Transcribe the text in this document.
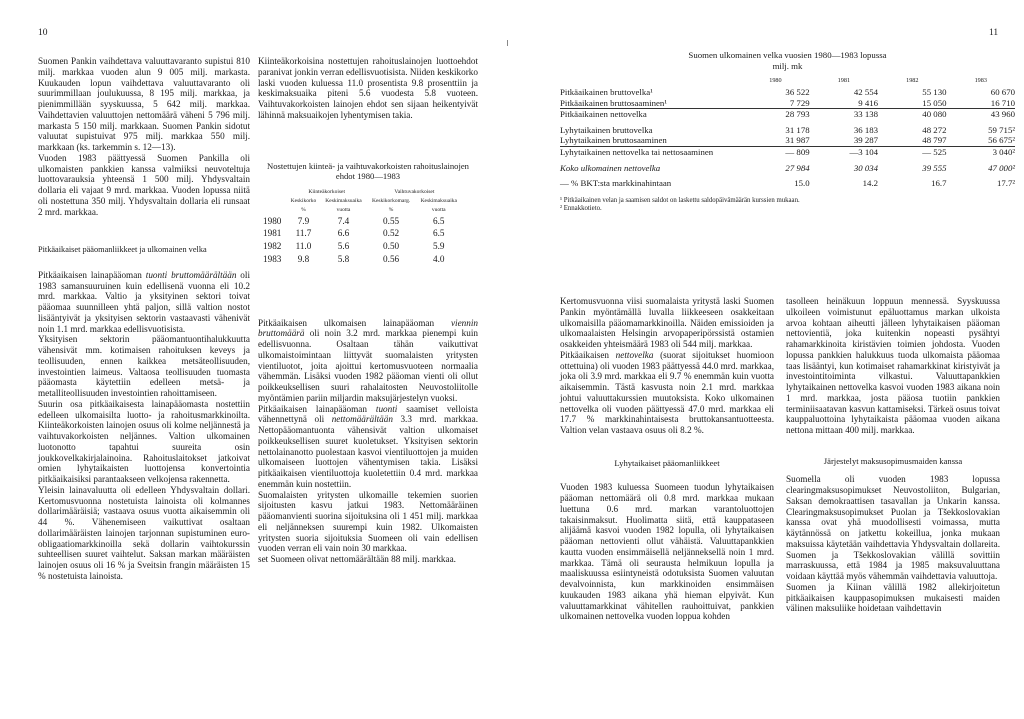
10

Suomen Pankin vaihdettava valuuttavaranto supistui 810 milj. markkaa vuoden alun 9 005 milj. markasta. Kuukauden lopun vaihdettava valuuttavaranto oli suurimmillaan joulukuussa, 8 195 milj. markkaa, ja pienimmillään syyskuussa, 5 642 milj. markkaa. Vaihdettavien valuuttojen nettomäärä väheni 5 796 milj. markasta 5 150 milj. markkaan. Suomen Pankin sidotut valuutat supistuivat 975 milj. markkaa 550 milj. markkaan (ks. tarkemmin s. 12—13).

Vuoden 1983 päättyessä Suomen Pankilla oli ulkomaisten pankkien kanssa valmiiksi neuvoteltuja luottovarauksia yhteensä 1 500 milj. Yhdysvaltain dollaria eli vajaat 9 mrd. markkaa. Vuoden lopussa niitä oli nostettuna 350 milj. Yhdysvaltain dollaria eli runsaat 2 mrd. markkaa.

Pitkäaikaiset pääomanliikkeet ja ulkomainen velka

Pitkäaikaisen lainapääoman tuonti bruttomäärältään oli 1983 samansuuruinen kuin edellisenä vuonna eli 10.2 mrd. markkaa. Valtio ja yksityinen sektori toivat pääomaa suunnilleen yhtä paljon, sillä valtion nostot lisääntyivät ja yksityisen sektorin vastaavasti vähenivät noin 1.1 mrd. markkaa edellisvuotisista.

Yksityisen sektorin pääomantuontihalukkuutta vähensivät mm. kotimaisen rahoituksen keveys ja teollisuuden, ennen kaikkea metsäteollisuuden, investointien laimeus. Valtaosa teollisuuden tuomasta pääomasta käytettiin edelleen metsä- ja metalliteollisuuden investointien rahoittamiseen.

Suurin osa pitkäaikaisesta lainapääomasta nostettiin edelleen ulkomaisilta luotto- ja rahoitusmarkkinoilta. Kiinteäkorkoisten lainojen osuus oli kolme neljännestä ja vaihtuvakorkoisten neljännes. Valtion ulkomainen luotonotto tapahtui suureita osin joukkovelkakirjalainoina. Rahoituslaitokset jatkoivat omien lyhytaikaisten luottojensa konvertointia pitkäaikaisiksi parantaakseen velkojensa rakennetta.

Yleisin lainavaluutta oli edelleen Yhdysvaltain dollari. Kertomusvuonna nostetuista lainoista oli kolmannes dollarimääräisiä; vastaava osuus vuotta aikaisemmin oli 44 %. Vähenemiseen vaikuttivat osaltaan dollarimääräisten lainojen tarjonnan supistuminen euro-obligaatiomarkkinoilla sekä dollarin vaihtokurssin suhteellisen suuret vaihtelut. Saksan markan määräisten lainojen osuus oli 16 % ja Sveitsin frangin määräisten 15 % nostetuista lainoista.

Kiinteäkorkoisina nostettujen rahoituslainojen luottoehdot paranivat jonkin verran edellisvuotisista. Niiden keskikorko laski vuoden kuluessa 11.0 prosentista 9.8 prosenttiin ja keskimaksuaika piteni 5.6 vuodesta 5.8 vuoteen. Vaihtuvakorkoisten lainojen ehdot sen sijaan heikentyivät lähinnä maksuaikojen lyhentymisen takia.

Nostettujen kiinteä- ja vaihtuvakorkoisten rahoituslainojen ehdot 1980—1983

	Kiinteäkorkoiset		Vaihtuvakorkoiset	
	Keskikorko	Keskimaksuaika	Keskikorkomarg.	Keskimaksuaika
	%	vuotta	%	vuotta
1980	7.9	7.4	0.55	6.5
1981	11.7	6.6	0.52	6.5
1982	11.0	5.6	0.50	5.9
1983	9.8	5.8	0.56	4.0

Pitkäaikaisen ulkomaisen lainapääoman viennin bruttomäärä oli noin 3.2 mrd. markkaa pienempi kuin edellisvuonna. Osaltaan tähän vaikuttivat ulkomaistoimintaan liittyvät suomalaisten yritysten vientiluotot, joita ajoittui kertomusvuoteen normaalia vähemmän. Lisäksi vuoden 1982 pääoman vienti oli ollut poikkeuksellisen suuri rahalaitosten Neuvostoliitolle myöntämien pariin miljardin maksujärjestelyn vuoksi.

Pitkäaikaisen lainapääoman tuonti saamiset velloista vähennettynä oli nettomäärältään 3.3 mrd. markkaa. Nettopääomantuonta vähensivät valtion ulkomaiset poikkeuksellisen suuret kuoletukset. Yksityisen sektorin nettolainanotto puolestaan kasvoi vientiluottojen ja muiden ulkomaiseen luottojen vähentymisen takia. Lisäksi pitkäaikaisen vientiluottoja kuoletettiin 0.4 mrd. markkaa enemmän kuin nostettiin.

Suomalaisten yritysten ulkomaille tekemien suorien sijoitusten kasvu jatkui 1983. Nettomääräinen pääomanvienti suorina sijoituksina oli 1 451 milj. markkaa eli neljänneksen suurempi kuin 1982. Ulkomaisten yritysten suoria sijoituksia Suomeen oli vain edellisen vuoden verran eli vain noin 30 markkaa.

set Suomeen olivat nettomäärältään 88 milj. markkaa.

11
Suomen ulkomainen velka vuosien 1980—1983 lopussa
milj. mk
	1980	1981	1982	1983
Pitkäaikainen bruttovelka¹	36 522	42 554	55 130	60 670
Pitkäaikainen bruttosaaminen¹	7 729	9 416	15 050	16 710
Pitkäaikainen nettovelka	28 793	33 138	40 080	43 960

Lyhytaikainen bruttovelka	31 178	36 183	48 272	59 715²
Lyhytaikainen bruttosaaminen	31 987	39 287	48 797	56 675²
Lyhytaikainen nettovelka tai nettosaaminen	— 809	—3 104	— 525	3 040²

Koko ulkomainen nettovelka	27 984	30 034	39 555	47 000²

— % BKT:sta markkinahintaan	15.0	14.2	16.7	17.7²
¹ Pitkäaikainen velan ja saamisen saldot on laskettu saldopäivämäärän kurssien mukaan.
² Ennakkotieto.

Kertomusvuonna viisi suomalaista yritystä laski Suomen Pankin myöntämällä luvalla liikkeeseen osakkeitaan ulkomaisilla pääomamarkkinoilla. Näiden emissioiden ja ulkomaalaisten Helsingin arvopaperipörssistä ostamien osakkeiden yhteismäärä 1983 oli 544 milj. markkaa.

Pitkäaikaisen nettovelka (suorat sijoitukset huomioon ottettuina) oli vuoden 1983 päättyessä 44.0 mrd. markkaa, joka oli 3.9 mrd. markkaa eli 9.7 % enemmän kuin vuotta aikaisemmin. Tästä kasvusta noin 2.1 mrd. markkaa johtui valuuttakurssien muutoksista. Koko ulkomainen nettovelka oli vuoden päättyessä 47.0 mrd. markkaa eli 17.7 % markkinahintaisesta bruttokansantuotteesta. Valtion velan vastaava osuus oli 8.2 %.

Lyhytaikaiset pääomanliikkeet

Vuoden 1983 kuluessa Suomeen tuodun lyhytaikaisen pääoman nettomäärä oli 0.8 mrd. markkaa mukaan luettuna 0.6 mrd. markan varantoluottojen takaisinmaksut. Huolimatta siitä, että kauppataseen alijäämä kasvoi vuoden 1982 lopulla, oli lyhytaikaisen pääoman nettovienti ollut vähäistä. Valuuttapankkien kautta vuoden ensimmäisellä neljänneksellä noin 1 mrd. markkaa. Tämä oli seurausta helmikuun lopulla ja maaliskuussa esiintyneistä odotuksista Suomen valuutan devalvoinnista, kun markkinoiden ensimmäisen kuukauden 1983 aikana yhä hieman elpyivät. Kun valuuttamarkkinat vähitellen rauhoittuivat, pankkien ulkomainen nettovelka vuoden loppua kohden

tasolleen heinäkuun loppuun mennessä. Syyskuussa ulkoileen voimistunut epäluottamus markan ulkoista arvoa kohtaan aiheutti jälleen lyhytaikaisen pääoman nettovientiä, joka kuitenkin nopeasti pysähtyi rahamarkkinoita kiristävien toimien johdosta. Vuoden lopussa pankkien halukkuus tuoda ulkomaista pääomaa taas lisääntyi, kun kotimaiset rahamarkkinat kiristyivät ja investointitoiminta vilkastui. Valuuttapankkien lyhytaikainen nettovelka kasvoi vuoden 1983 aikana noin 1 mrd. markkaa, josta pääosa tuotiin pankkien terminiisaatavan kasvun kattamiseksi. Tärkeä osuus toivat kauppaluottoina lyhytaikaista pääomaa vuoden aikana nettona mittaan 400 milj. markkaa.

Järjestelyt maksusopimusmaiden kanssa

Suomella oli vuoden 1983 lopussa clearingmaksusopimukset Neuvostoliiton, Bulgarian, Saksan demokraattisen tasavallan ja Unkarin kanssa. Clearingmaksusopimukset Puolan ja Tšekkoslovakian kanssa ovat yhä muodollisesti voimassa, mutta käytännössä on jatkettu kokeillua, jonka mukaan maksuissa käytetään vaihdettavia Yhdysvaltain dollareita. Suomen ja Tšekkoslovakian välillä sovittiin marraskuussa, että 1984 ja 1985 maksuvaluuttana voidaan käyttää myös vähemmän vaihdettavia valuuttoja.

Suomen ja Kiinan välillä 1982 allekirjoitetun pitkäaikaisen kauppasopimuksen mukaisesti maiden välinen maksuliike hoidetaan vaihdettavin
